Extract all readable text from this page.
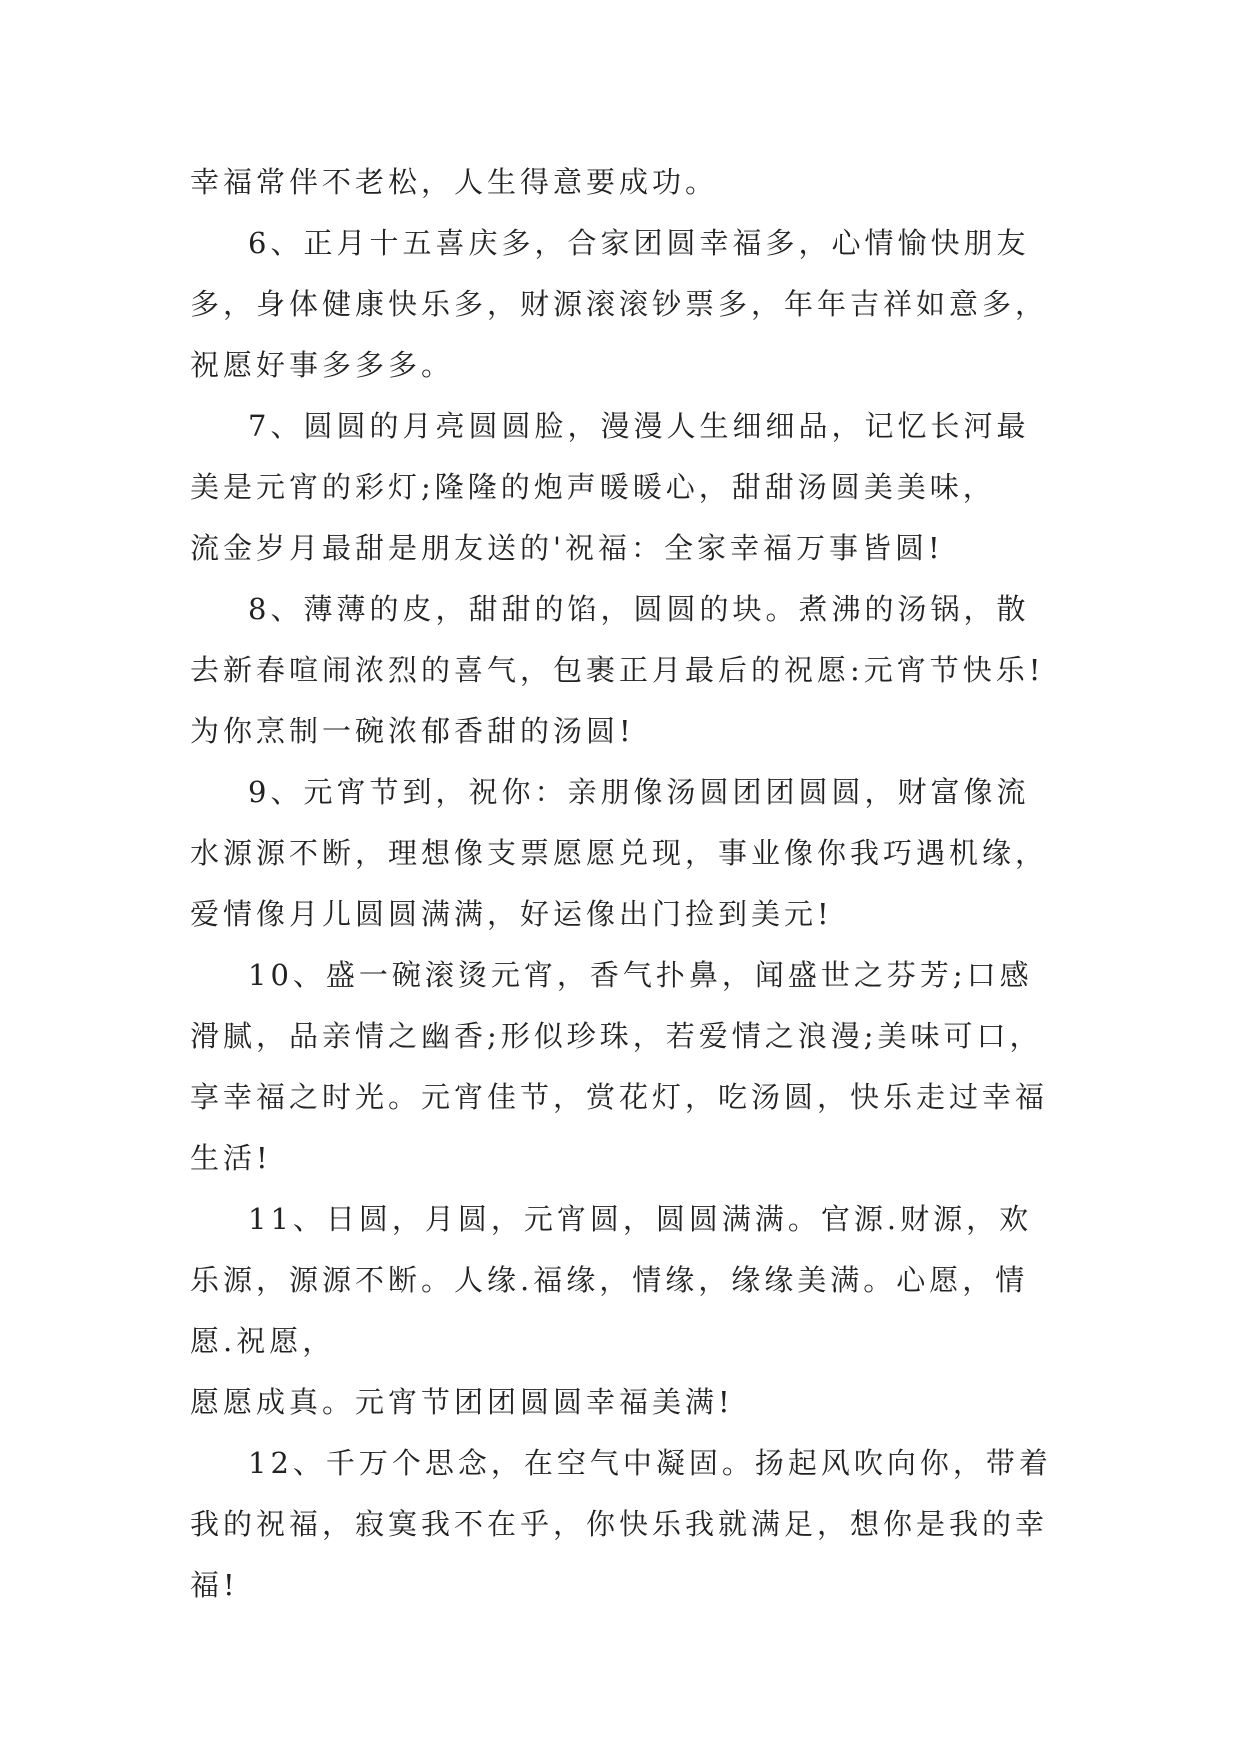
幸福常伴不老松，人生得意要成功。
6、正月十五喜庆多，合家团圆幸福多，心情愉快朋友
多，身体健康快乐多，财源滚滚钞票多，年年吉祥如意多，
祝愿好事多多多。
7、圆圆的月亮圆圆脸，漫漫人生细细品，记忆长河最
美是元宵的彩灯;隆隆的炮声暖暖心，甜甜汤圆美美味，
流金岁月最甜是朋友送的'祝福：全家幸福万事皆圆!
8、薄薄的皮，甜甜的馅，圆圆的块。煮沸的汤锅，散
去新春喧闹浓烈的喜气，包裹正月最后的祝愿:元宵节快乐!
为你烹制一碗浓郁香甜的汤圆!
9、元宵节到，祝你：亲朋像汤圆团团圆圆，财富像流
水源源不断，理想像支票愿愿兑现，事业像你我巧遇机缘，
爱情像月儿圆圆满满，好运像出门捡到美元!
10、盛一碗滚烫元宵，香气扑鼻，闻盛世之芬芳;口感
滑腻，品亲情之幽香;形似珍珠，若爱情之浪漫;美味可口，
享幸福之时光。元宵佳节，赏花灯，吃汤圆，快乐走过幸福
生活!
11、日圆，月圆，元宵圆，圆圆满满。官源.财源，欢
乐源，源源不断。人缘.福缘，情缘，缘缘美满。心愿，情
愿.祝愿，
愿愿成真。元宵节团团圆圆幸福美满!
12、千万个思念，在空气中凝固。扬起风吹向你，带着
我的祝福，寂寞我不在乎，你快乐我就满足，想你是我的幸
福!
